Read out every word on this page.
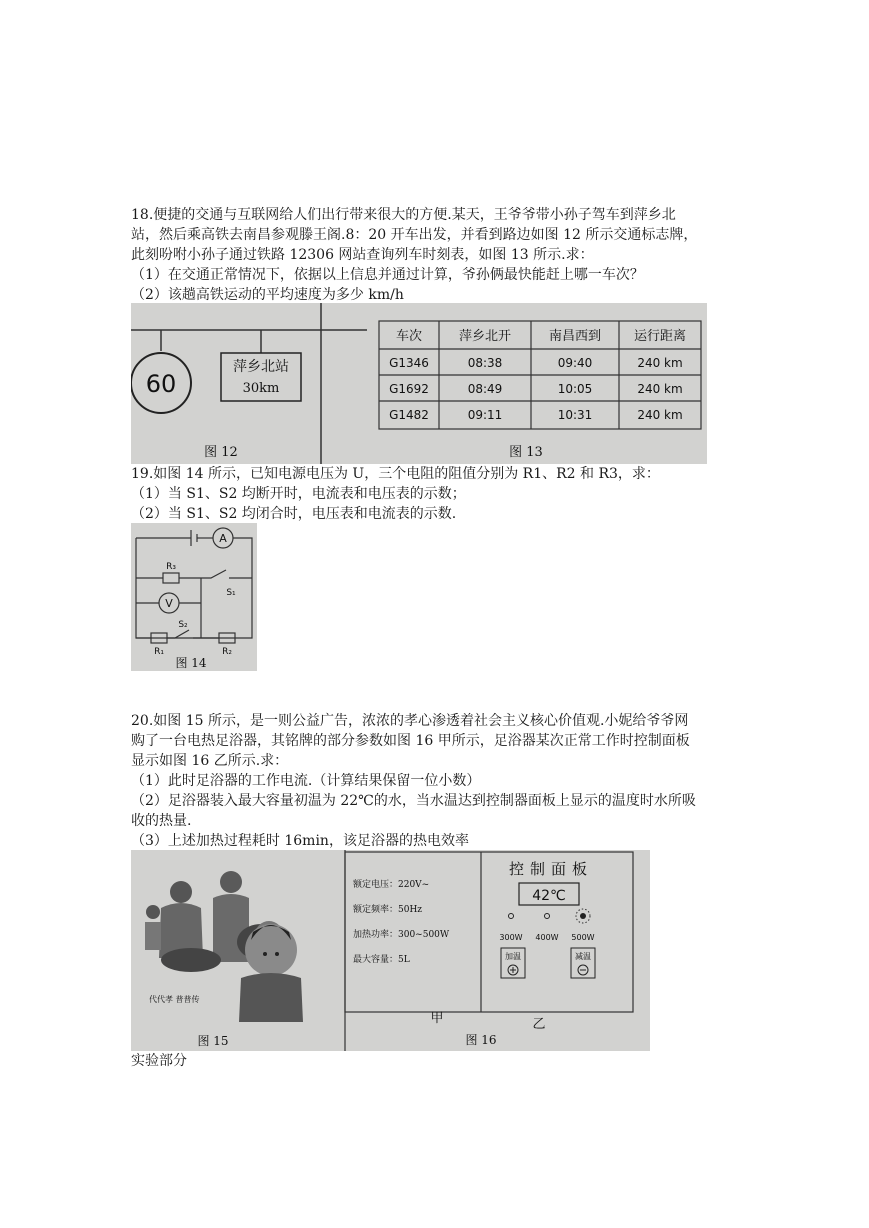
18.便捷的交通与互联网给人们出行带来很大的方便.某天，王爷爷带小孙子驾车到萍乡北
站，然后乘高铁去南昌参观滕王阁.8：20 开车出发，并看到路边如图 12 所示交通标志牌，
此刻吩咐小孙子通过铁路 12306 网站查询列车时刻表，如图 13 所示.求：
（1）在交通正常情况下，依据以上信息并通过计算，爷孙俩最快能赶上哪一车次？
（2）该趟高铁运动的平均速度为多少 km/h
60
萍乡北站
30km
图 12
车次	萍乡北开	南昌西到	运行距离
G1346	08:38	09:40	240 km
G1692	08:49	10:05	240 km
G1482	09:11	10:31	240 km
图 13
19.如图 14 所示，已知电源电压为 U，三个电阻的阻值分别为 R1、R2 和 R3，求：
（1）当 S1、S2 均断开时，电流表和电压表的示数；
（2）当 S1、S2 均闭合时，电压表和电流表的示数.
A
V
R₃
S₁
R₁
S₂
R₂
图 14
20.如图 15 所示，是一则公益广告，浓浓的孝心渗透着社会主义核心价值观.小妮给爷爷网
购了一台电热足浴器，其铭牌的部分参数如图 16 甲所示，足浴器某次正常工作时控制面板
显示如图 16 乙所示.求：
（1）此时足浴器的工作电流.（计算结果保留一位小数）
（2）足浴器装入最大容量初温为 22℃的水，当水温达到控制器面板上显示的温度时水所吸
收的热量.
（3）上述加热过程耗时 16min，该足浴器的热电效率
代代孝 普普传
图 15
额定电压：220V~
额定频率：50Hz
加热功率：300~500W
最大容量：5L
控制面板
42℃
300W 400W 500W
加温	减温
甲	乙
图 16
实验部分
